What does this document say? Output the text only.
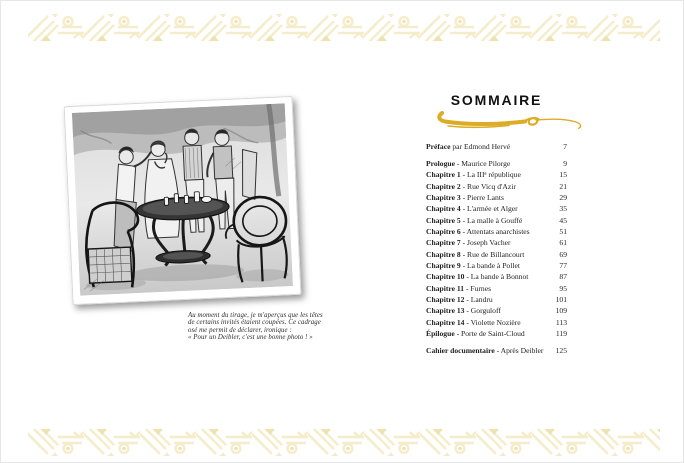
Au moment du tirage, je m'aperçus que les têtes
de certains invités étaient coupées. Ce cadrage
osé me permit de déclarer, ironique :
« Pour un Deibler, c'est une bonne photo ! »
SOMMAIRE
Préface par Edmond Hervé	7
Prologue - Maurice Pilorge	9
Chapitre 1 - La IIIᵉ république	15
Chapitre 2 - Rue Vicq d'Azir	21
Chapitre 3 - Pierre Lants	29
Chapitre 4 - L'armée et Alger	35
Chapitre 5 - La malle à Gouffé	45
Chapitre 6 - Attentats anarchistes	51
Chapitre 7 - Joseph Vacher	61
Chapitre 8 - Rue de Billancourt	69
Chapitre 9 - La bande à Pollet	77
Chapitre 10 - La bande à Bonnot	87
Chapitre 11 - Furnes	95
Chapitre 12 - Landru	101
Chapitre 13 - Gorguloff	109
Chapitre 14 - Violette Nozière	113
Épilogue - Porte de Saint-Cloud	119
Cahier documentaire - Après Deibler 125
